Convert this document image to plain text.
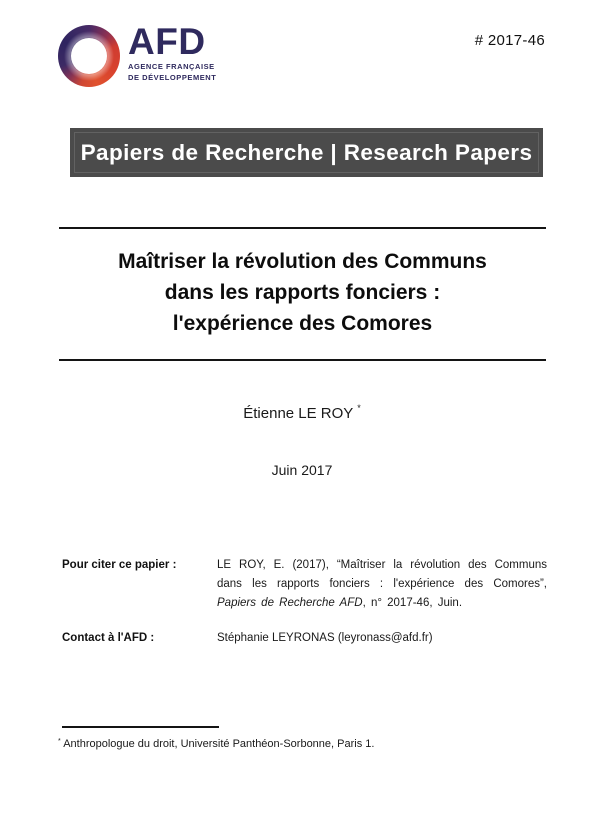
AFD
AGENCE FRANÇAISE
DE DÉVELOPPEMENT
# 2017-46
Papiers de Recherche | Research Papers
Maîtriser la révolution des Communs
dans les rapports fonciers :
l'expérience des Comores
Étienne LE ROY *
Juin 2017
Pour citer ce papier :	LE ROY, E. (2017), “Maîtriser la révolution des Communs dans les rapports fonciers : l'expérience des Comores”, Papiers de Recherche AFD, n° 2017-46, Juin.
Contact à l'AFD :	Stéphanie LEYRONAS (leyronass@afd.fr)
* Anthropologue du droit, Université Panthéon-Sorbonne, Paris 1.
